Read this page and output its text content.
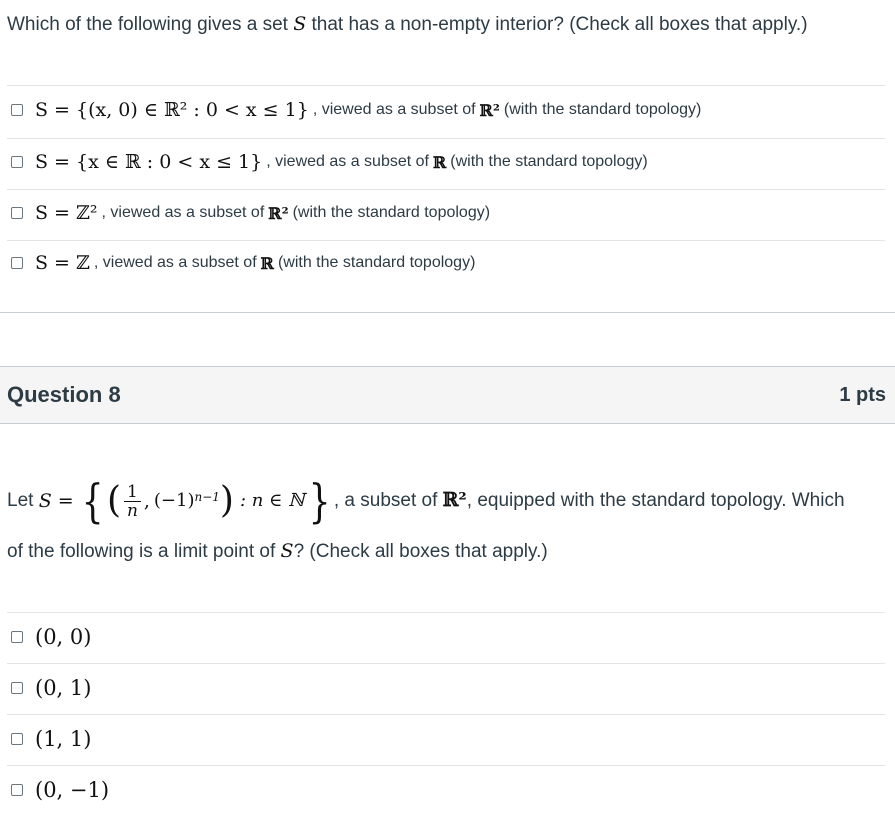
Which of the following gives a set S that has a non-empty interior? (Check all boxes that apply.)
S = {(x, 0) ∈ ℝ² : 0 < x ≤ 1} , viewed as a subset of ℝ² (with the standard topology)
S = {x ∈ ℝ : 0 < x ≤ 1} , viewed as a subset of ℝ (with the standard topology)
S = ℤ² , viewed as a subset of ℝ² (with the standard topology)
S = ℤ , viewed as a subset of ℝ (with the standard topology)
Question 8	1 pts
Let S = { ( $\frac{1}{n}$ , $(-1)^{n-1}$ ) : n ∈ ℕ } , a subset of ℝ², equipped with the standard topology. Which
of the following is a limit point of S? (Check all boxes that apply.)
(0, 0)
(0, 1)
(1, 1)
(0, −1)
